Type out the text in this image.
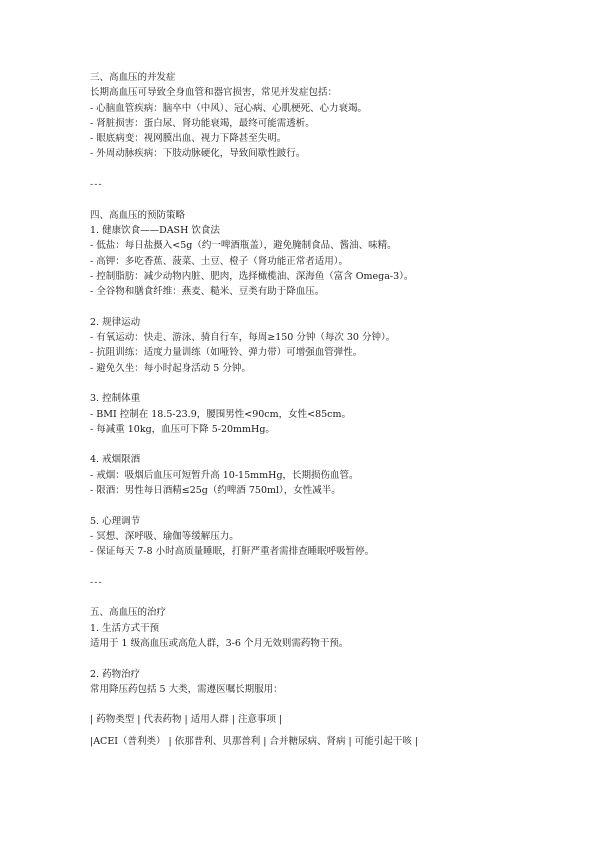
三、高血压的并发症
长期高血压可导致全身血管和器官损害，常见并发症包括：
- 心脑血管疾病：脑卒中（中风）、冠心病、心肌梗死、心力衰竭。
- 肾脏损害：蛋白尿、肾功能衰竭，最终可能需透析。
- 眼底病变：视网膜出血、视力下降甚至失明。
- 外周动脉疾病：下肢动脉硬化，导致间歇性跛行。
---
四、高血压的预防策略
1. 健康饮食——DASH 饮食法
- 低盐：每日盐摄入<5g（约一啤酒瓶盖），避免腌制食品、酱油、味精。
- 高钾：多吃香蕉、菠菜、土豆、橙子（肾功能正常者适用）。
- 控制脂肪：减少动物内脏、肥肉，选择橄榄油、深海鱼（富含 Omega-3）。
- 全谷物和膳食纤维：燕麦、糙米、豆类有助于降血压。
2. 规律运动
- 有氧运动：快走、游泳、骑自行车，每周≥150 分钟（每次 30 分钟）。
- 抗阻训练：适度力量训练（如哑铃、弹力带）可增强血管弹性。
- 避免久坐：每小时起身活动 5 分钟。
3. 控制体重
- BMI 控制在 18.5-23.9，腰围男性<90cm，女性<85cm。
- 每减重 10kg，血压可下降 5-20mmHg。
4. 戒烟限酒
- 戒烟：吸烟后血压可短暂升高 10-15mmHg，长期损伤血管。
- 限酒：男性每日酒精≤25g（约啤酒 750ml），女性减半。
5. 心理调节
- 冥想、深呼吸、瑜伽等缓解压力。
- 保证每天 7-8 小时高质量睡眠，打鼾严重者需排查睡眠呼吸暂停。
---
五、高血压的治疗
1. 生活方式干预
适用于 1 级高血压或高危人群，3-6 个月无效则需药物干预。
2. 药物治疗
常用降压药包括 5 大类，需遵医嘱长期服用：
| 药物类型 | 代表药物 | 适用人群 | 注意事项 |
|ACEI（普利类） | 依那普利、贝那普利 | 合并糖尿病、肾病 | 可能引起干咳 |
